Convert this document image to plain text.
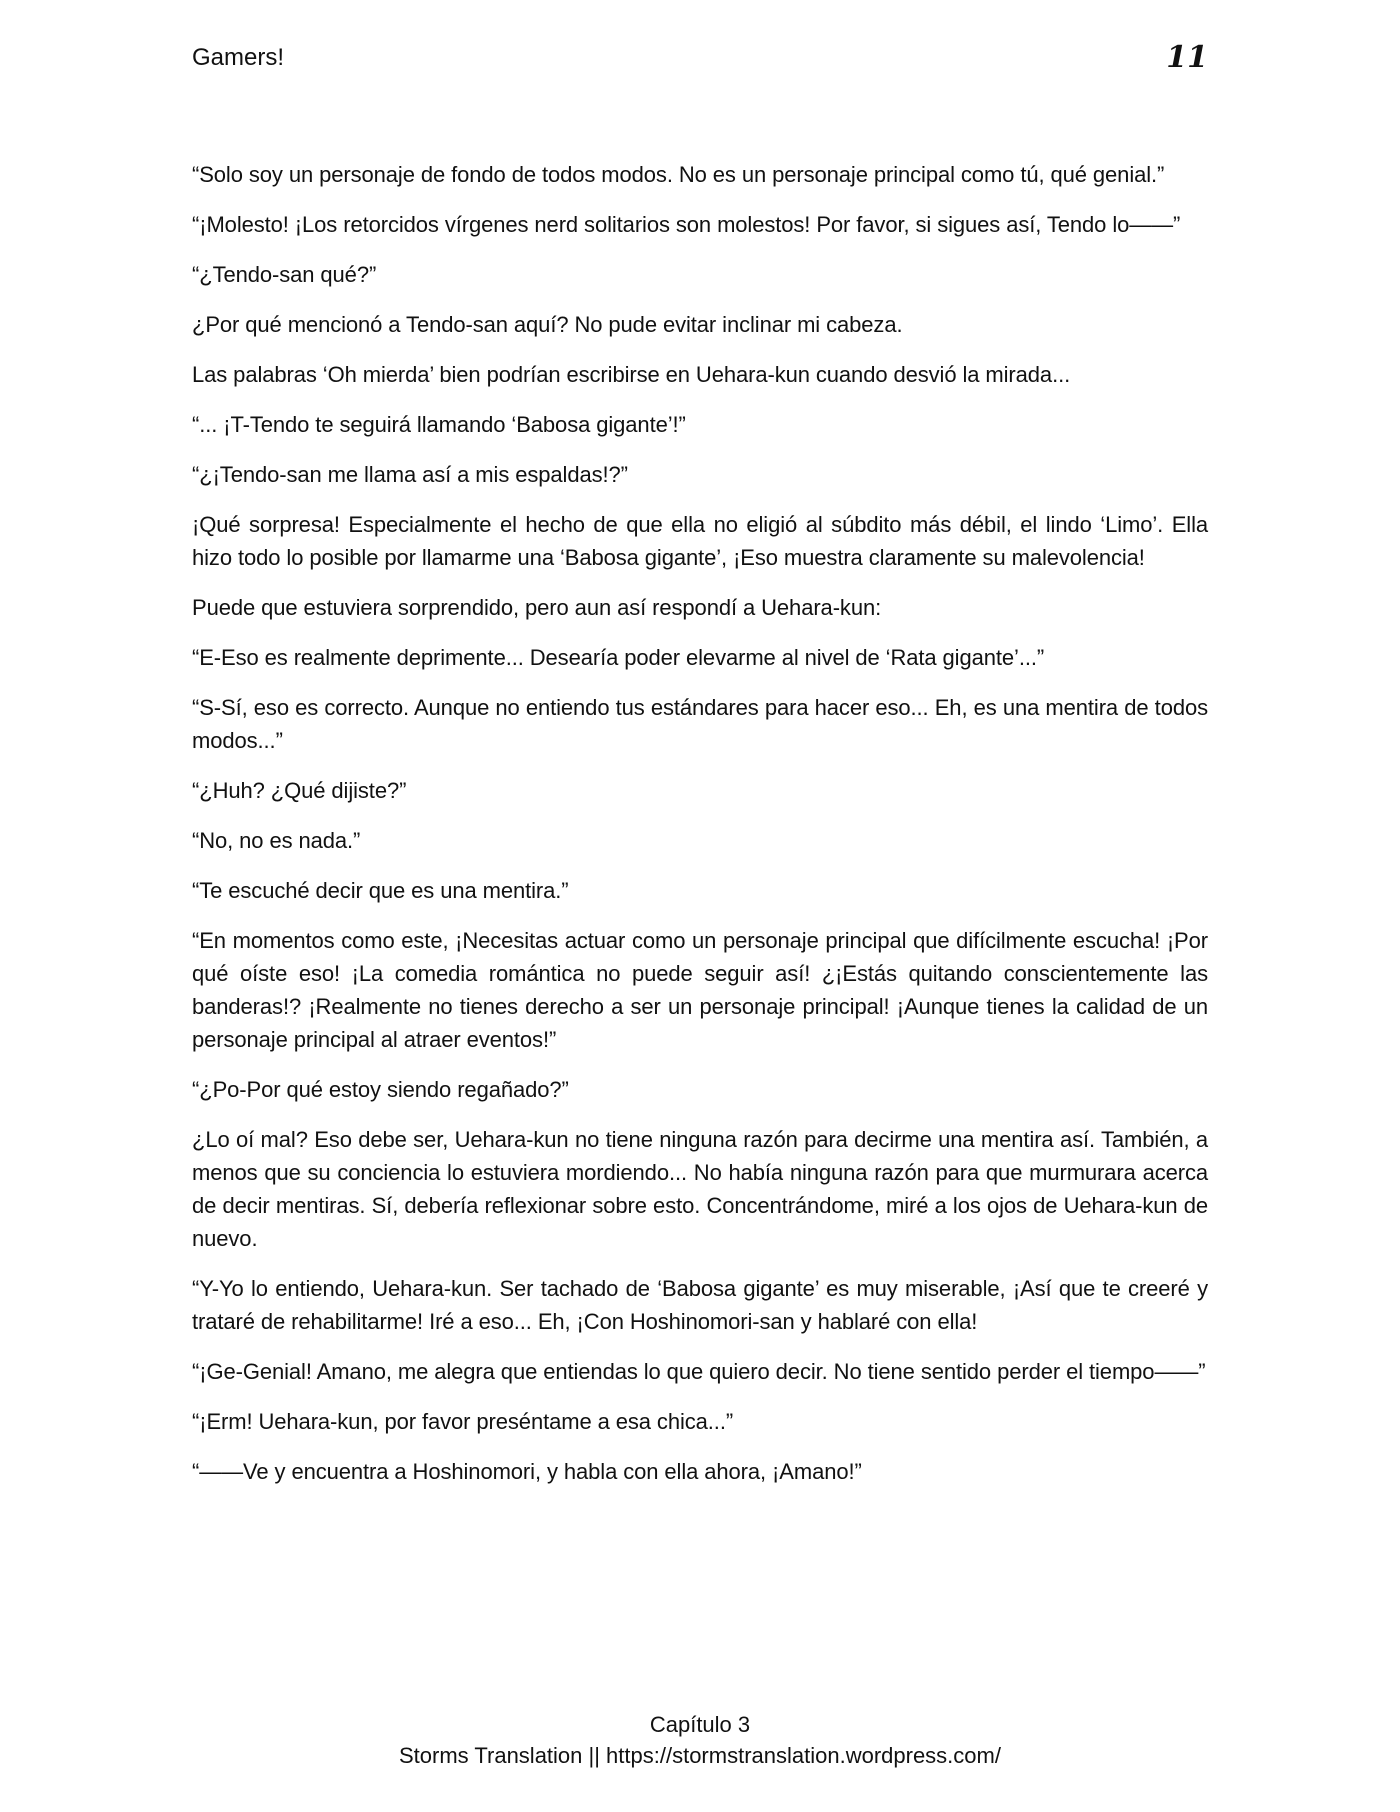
Gamers!	11

“Solo soy un personaje de fondo de todos modos. No es un personaje principal como tú, qué genial.”

“¡Molesto! ¡Los retorcidos vírgenes nerd solitarios son molestos! Por favor, si sigues así, Tendo lo——”

“¿Tendo-san qué?”

¿Por qué mencionó a Tendo-san aquí? No pude evitar inclinar mi cabeza.

Las palabras ‘Oh mierda’ bien podrían escribirse en Uehara-kun cuando desvió la mirada...

“... ¡T-Tendo te seguirá llamando ‘Babosa gigante’!”

“¿¡Tendo-san me llama así a mis espaldas!?”

¡Qué sorpresa! Especialmente el hecho de que ella no eligió al súbdito más débil, el lindo ‘Limo’. Ella hizo todo lo posible por llamarme una ‘Babosa gigante’, ¡Eso muestra claramente su malevolencia!

Puede que estuviera sorprendido, pero aun así respondí a Uehara-kun:

“E-Eso es realmente deprimente... Desearía poder elevarme al nivel de ‘Rata gigante’...”

“S-Sí, eso es correcto. Aunque no entiendo tus estándares para hacer eso... Eh, es una mentira de todos modos...”

“¿Huh? ¿Qué dijiste?”

“No, no es nada.”

“Te escuché decir que es una mentira.”

“En momentos como este, ¡Necesitas actuar como un personaje principal que difícilmente escucha! ¡Por qué oíste eso! ¡La comedia romántica no puede seguir así! ¿¡Estás quitando conscientemente las banderas!? ¡Realmente no tienes derecho a ser un personaje principal! ¡Aunque tienes la calidad de un personaje principal al atraer eventos!”

“¿Po-Por qué estoy siendo regañado?”

¿Lo oí mal? Eso debe ser, Uehara-kun no tiene ninguna razón para decirme una mentira así. También, a menos que su conciencia lo estuviera mordiendo... No había ninguna razón para que murmurara acerca de decir mentiras. Sí, debería reflexionar sobre esto. Concentrándome, miré a los ojos de Uehara-kun de nuevo.

“Y-Yo lo entiendo, Uehara-kun. Ser tachado de ‘Babosa gigante’ es muy miserable, ¡Así que te creeré y trataré de rehabilitarme! Iré a eso... Eh, ¡Con Hoshinomori-san y hablaré con ella!

“¡Ge-Genial! Amano, me alegra que entiendas lo que quiero decir. No tiene sentido perder el tiempo——”

“¡Erm! Uehara-kun, por favor preséntame a esa chica...”

“——Ve y encuentra a Hoshinomori, y habla con ella ahora, ¡Amano!”

Capítulo 3
Storms Translation || https://stormstranslation.wordpress.com/
